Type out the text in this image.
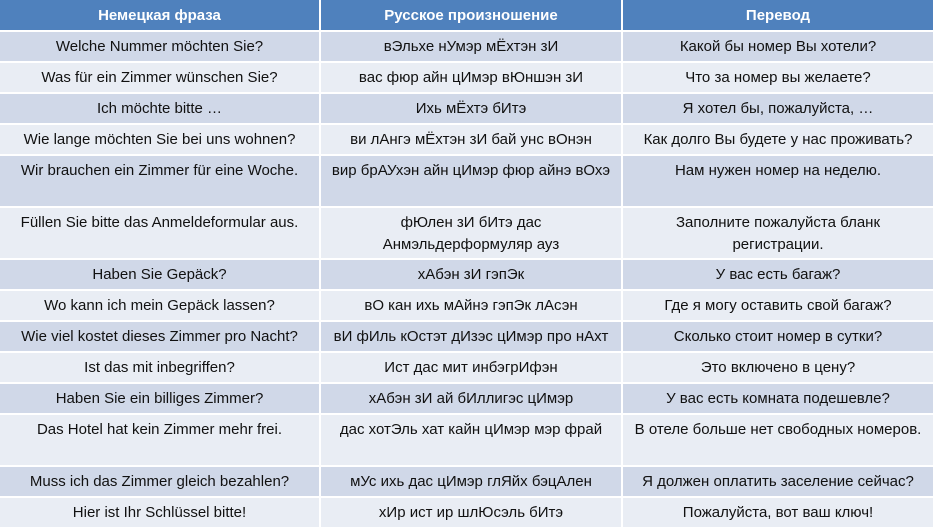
Немецкая фраза	Русское произношение	Перевод
Welche Nummer möchten Sie?	вЭльхе нУмэр мЁхтэн зИ	Какой бы номер Вы хотели?
Was für ein Zimmer wünschen Sie?	вас фюр айн цИмэр вЮншэн зИ	Что за номер вы желаете?
Ich möchte bitte …	Ихь мЁхтэ бИтэ	Я хотел бы, пожалуйста, …
Wie lange möchten Sie bei uns wohnen?	ви лАнгэ мЁхтэн зИ бай унс вОнэн	Как долго Вы будете у нас проживать?
Wir brauchen ein Zimmer für eine Woche.	вир брАУхэн айн цИмэр фюр айнэ вОхэ	Нам нужен номер на неделю.
Füllen Sie bitte das Anmeldeformular aus.	фЮлен зИ бИтэ дас Анмэльдерформуляр ауз	Заполните пожалуйста бланк регистрации.
Haben Sie Gepäck?	хАбэн зИ гэпЭк	У вас есть багаж?
Wo kann ich mein Gepäck lassen?	вО кан ихь мАйнэ гэпЭк лАсэн	Где я могу оставить свой багаж?
Wie viel kostet dieses Zimmer pro Nacht?	вИ фИль кОстэт дИзэс цИмэр про нАхт	Сколько стоит номер в сутки?
Ist das mit inbegriffen?	Ист дас мит инбэгрИфэн	Это включено в цену?
Haben Sie ein billiges Zimmer?	хАбэн зИ ай бИллигэс цИмэр	У вас есть комната подешевле?
Das Hotel hat kein Zimmer mehr frei.	дас хотЭль хат кайн цИмэр мэр фрай	В отеле больше нет свободных номеров.
Muss ich das Zimmer gleich bezahlen?	мУс ихь дас цИмэр глЯйх бэцАлен	Я должен оплатить заселение сейчас?
Hier ist Ihr Schlüssel bitte!	хИр ист ир шлЮсэль бИтэ	Пожалуйста, вот ваш ключ!
